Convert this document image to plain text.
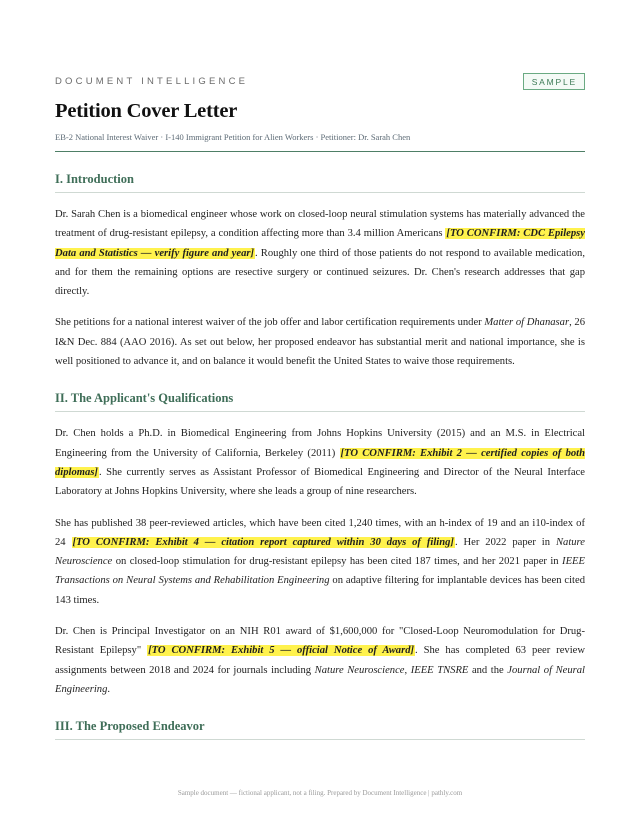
DOCUMENT INTELLIGENCE	SAMPLE
Petition Cover Letter
EB-2 National Interest Waiver · I-140 Immigrant Petition for Alien Workers · Petitioner: Dr. Sarah Chen
I. Introduction

Dr. Sarah Chen is a biomedical engineer whose work on closed-loop neural stimulation systems has materially advanced the treatment of drug-resistant epilepsy, a condition affecting more than 3.4 million Americans [TO CONFIRM: CDC Epilepsy Data and Statistics — verify figure and year]. Roughly one third of those patients do not respond to available medication, and for them the remaining options are resective surgery or continued seizures. Dr. Chen's research addresses that gap directly.

She petitions for a national interest waiver of the job offer and labor certification requirements under Matter of Dhanasar, 26 I&N Dec. 884 (AAO 2016). As set out below, her proposed endeavor has substantial merit and national importance, she is well positioned to advance it, and on balance it would benefit the United States to waive those requirements.

II. The Applicant's Qualifications

Dr. Chen holds a Ph.D. in Biomedical Engineering from Johns Hopkins University (2015) and an M.S. in Electrical Engineering from the University of California, Berkeley (2011) [TO CONFIRM: Exhibit 2 — certified copies of both diplomas]. She currently serves as Assistant Professor of Biomedical Engineering and Director of the Neural Interface Laboratory at Johns Hopkins University, where she leads a group of nine researchers.

She has published 38 peer-reviewed articles, which have been cited 1,240 times, with an h-index of 19 and an i10-index of 24 [TO CONFIRM: Exhibit 4 — citation report captured within 30 days of filing]. Her 2022 paper in Nature Neuroscience on closed-loop stimulation for drug-resistant epilepsy has been cited 187 times, and her 2021 paper in IEEE Transactions on Neural Systems and Rehabilitation Engineering on adaptive filtering for implantable devices has been cited 143 times.

Dr. Chen is Principal Investigator on an NIH R01 award of $1,600,000 for "Closed-Loop Neuromodulation for Drug-Resistant Epilepsy" [TO CONFIRM: Exhibit 5 — official Notice of Award]. She has completed 63 peer review assignments between 2018 and 2024 for journals including Nature Neuroscience, IEEE TNSRE and the Journal of Neural Engineering.

III. The Proposed Endeavor
Sample document — fictional applicant, not a filing. Prepared by Document Intelligence | pathly.com
